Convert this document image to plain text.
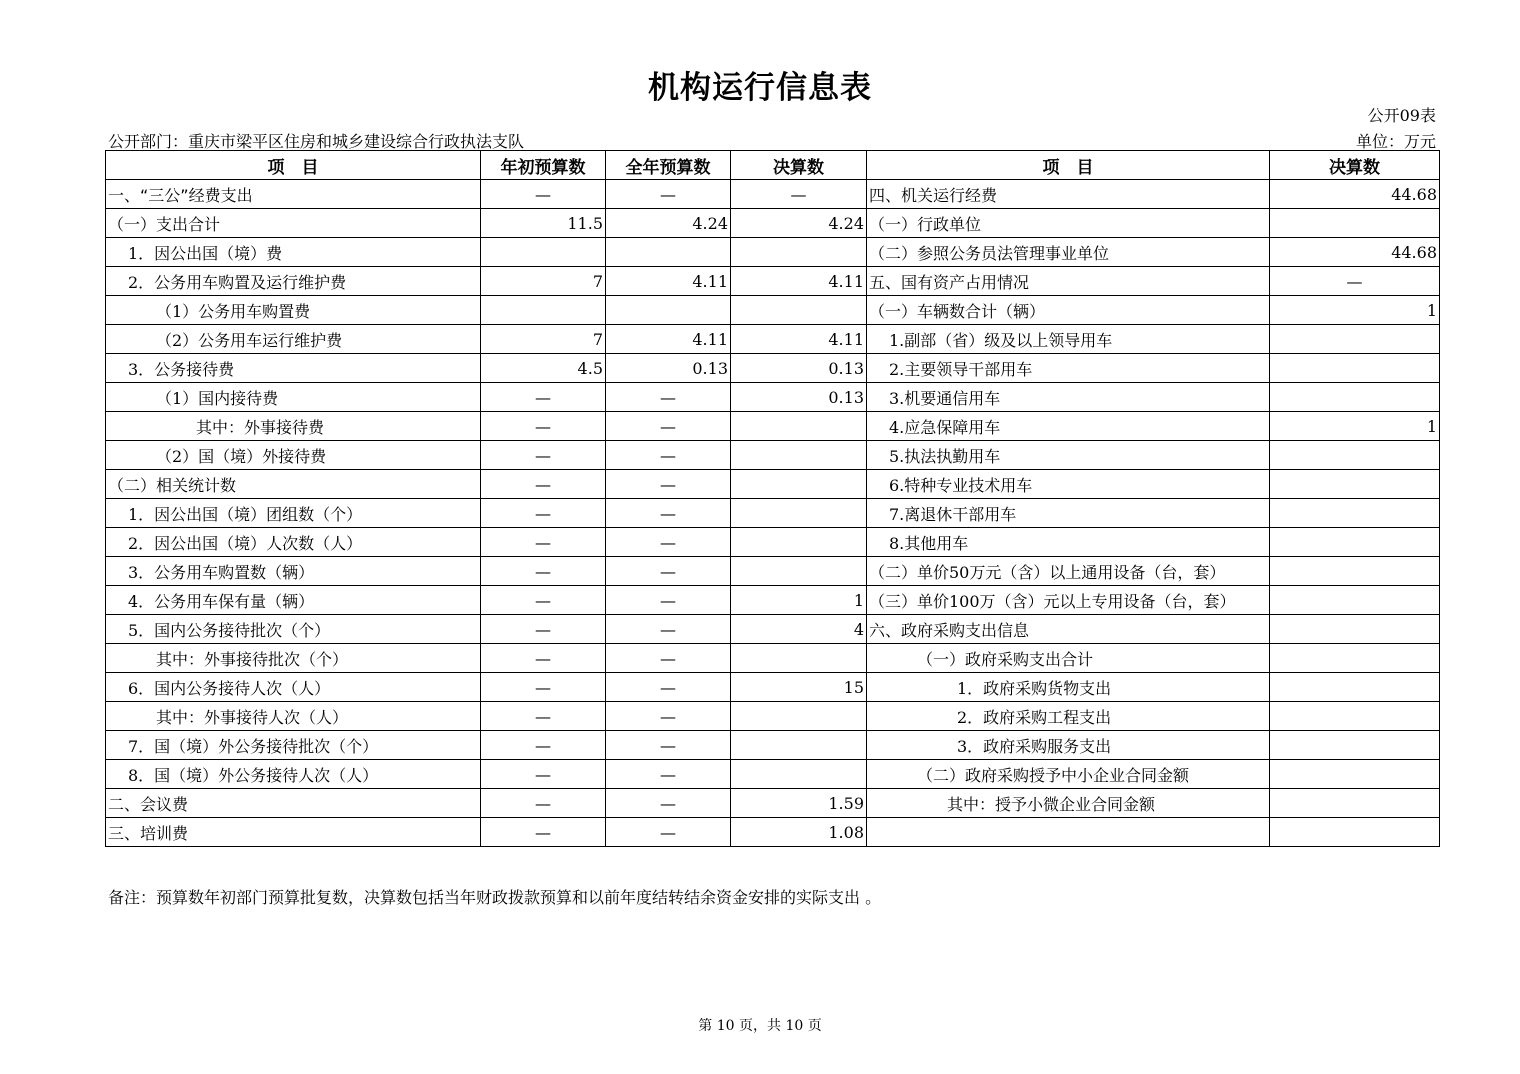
机构运行信息表
公开09表
公开部门：重庆市梁平区住房和城乡建设综合行政执法支队	单位：万元
项　目	年初预算数	全年预算数	决算数	项　目	决算数
一、“三公”经费支出	—	—	—	四、机关运行经费	44.68
（一）支出合计	11.5	4.24	4.24	（一）行政单位	
1．因公出国（境）费				（二）参照公务员法管理事业单位	44.68
2．公务用车购置及运行维护费	7	4.11	4.11	五、国有资产占用情况	—
（1）公务用车购置费				（一）车辆数合计（辆）	1
（2）公务用车运行维护费	7	4.11	4.11	1.副部（省）级及以上领导用车	
3．公务接待费	4.5	0.13	0.13	2.主要领导干部用车	
（1）国内接待费	—	—	0.13	3.机要通信用车	
其中：外事接待费	—	—		4.应急保障用车	1
（2）国（境）外接待费	—	—		5.执法执勤用车	
（二）相关统计数	—	—		6.特种专业技术用车	
1．因公出国（境）团组数（个）	—	—		7.离退休干部用车	
2．因公出国（境）人次数（人）	—	—		8.其他用车	
3．公务用车购置数（辆）	—	—		（二）单价50万元（含）以上通用设备（台，套）	
4．公务用车保有量（辆）	—	—	1	（三）单价100万（含）元以上专用设备（台，套）	
5．国内公务接待批次（个）	—	—	4	六、政府采购支出信息	
其中：外事接待批次（个）	—	—		（一）政府采购支出合计	
6．国内公务接待人次（人）	—	—	15	1．政府采购货物支出	
其中：外事接待人次（人）	—	—		2．政府采购工程支出	
7．国（境）外公务接待批次（个）	—	—		3．政府采购服务支出	
8．国（境）外公务接待人次（人）	—	—		（二）政府采购授予中小企业合同金额	
二、会议费	—	—	1.59	其中：授予小微企业合同金额	
三、培训费	—	—	1.08		
备注：预算数年初部门预算批复数，决算数包括当年财政拨款预算和以前年度结转结余资金安排的实际支出 。
第 10 页，共 10 页
